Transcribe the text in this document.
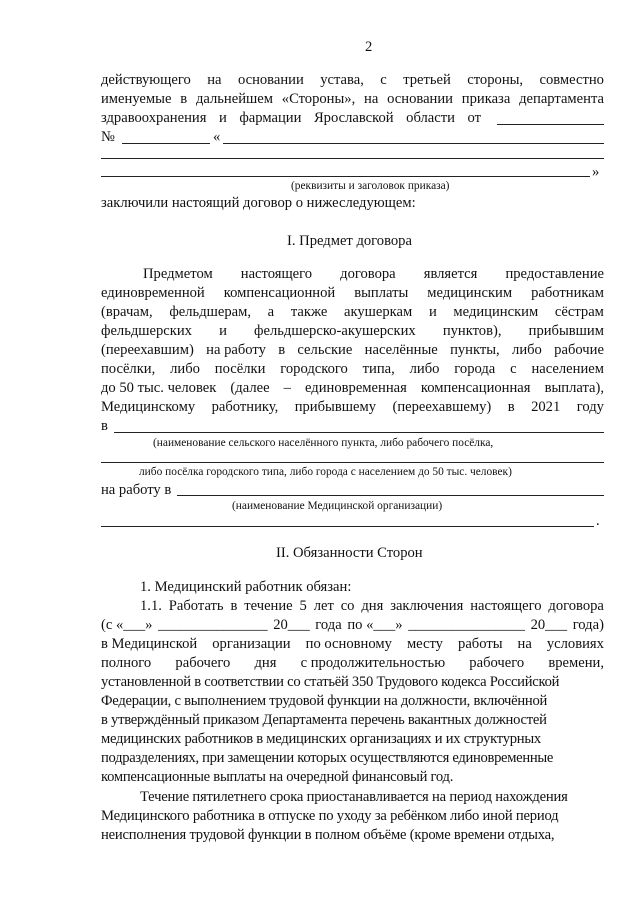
2
действующего на основании устава, с третьей стороны, совместно
именуемые в дальнейшем «Стороны», на основании приказа департамента
здравоохранения и фармации Ярославской области от
№	«
»
(реквизиты и заголовок приказа)
заключили настоящий договор о нижеследующем:
I. Предмет договора
Предметом настоящего договора является предоставление
единовременной компенсационной выплаты медицинским работникам
(врачам, фельдшерам, а также акушеркам и медицинским сёстрам
фельдшерских и фельдшерско-акушерских пунктов), прибывшим
(переехавшим) на работу в сельские населённые пункты, либо рабочие
посёлки, либо посёлки городского типа, либо города с населением
до 50 тыс. человек (далее – единовременная компенсационная выплата),
Медицинскому работнику, прибывшему (переехавшему) в 2021 году
в
(наименование сельского населённого пункта, либо рабочего посёлка,
либо посёлка городского типа, либо города с населением до 50 тыс. человек)
на работу в
(наименование Медицинской организации)
.
II. Обязанности Сторон
1. Медицинский работник обязан:
1.1. Работать в течение 5 лет со дня заключения настоящего договора
(с «___» _______________ 20___ года по «___» ________________ 20___ года)
в Медицинской организации по основному месту работы на условиях
полного рабочего дня с продолжительностью рабочего времени,
установленной в соответствии со статьёй 350 Трудового кодекса Российской
Федерации, с выполнением трудовой функции на должности, включённой
в утверждённый приказом Департамента перечень вакантных должностей
медицинских работников в медицинских организациях и их структурных
подразделениях, при замещении которых осуществляются единовременные
компенсационные выплаты на очередной финансовый год.
Течение пятилетнего срока приостанавливается на период нахождения
Медицинского работника в отпуске по уходу за ребёнком либо иной период
неисполнения трудовой функции в полном объёме (кроме времени отдыха,
